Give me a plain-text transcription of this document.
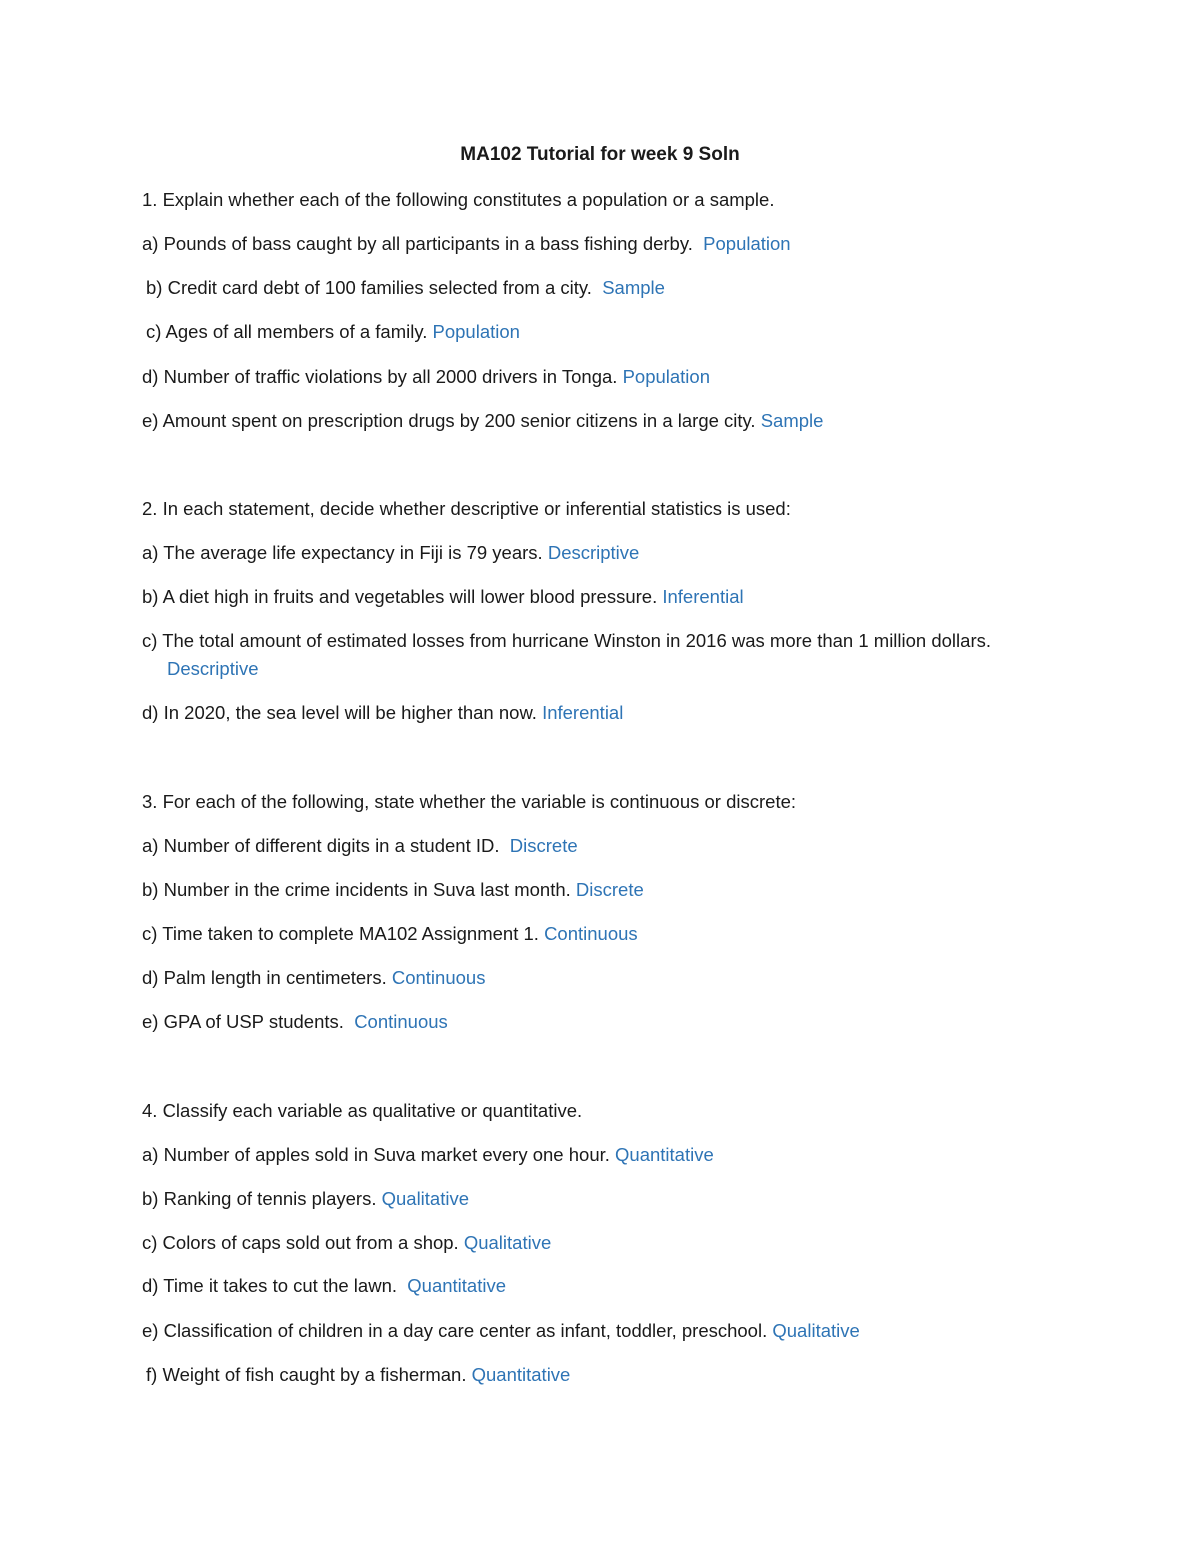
MA102 Tutorial for week 9 Soln
1. Explain whether each of the following constitutes a population or a sample.
a) Pounds of bass caught by all participants in a bass fishing derby. Population
b) Credit card debt of 100 families selected from a city. Sample
c) Ages of all members of a family. Population
d) Number of traffic violations by all 2000 drivers in Tonga. Population
e) Amount spent on prescription drugs by 200 senior citizens in a large city. Sample
2. In each statement, decide whether descriptive or inferential statistics is used:
a) The average life expectancy in Fiji is 79 years. Descriptive
b) A diet high in fruits and vegetables will lower blood pressure. Inferential
c) The total amount of estimated losses from hurricane Winston in 2016 was more than 1 million dollars.
Descriptive
d) In 2020, the sea level will be higher than now. Inferential
3. For each of the following, state whether the variable is continuous or discrete:
a) Number of different digits in a student ID. Discrete
b) Number in the crime incidents in Suva last month. Discrete
c) Time taken to complete MA102 Assignment 1. Continuous
d) Palm length in centimeters. Continuous
e) GPA of USP students. Continuous
4. Classify each variable as qualitative or quantitative.
a) Number of apples sold in Suva market every one hour. Quantitative
b) Ranking of tennis players. Qualitative
c) Colors of caps sold out from a shop. Qualitative
d) Time it takes to cut the lawn. Quantitative
e) Classification of children in a day care center as infant, toddler, preschool. Qualitative
f) Weight of fish caught by a fisherman. Quantitative
